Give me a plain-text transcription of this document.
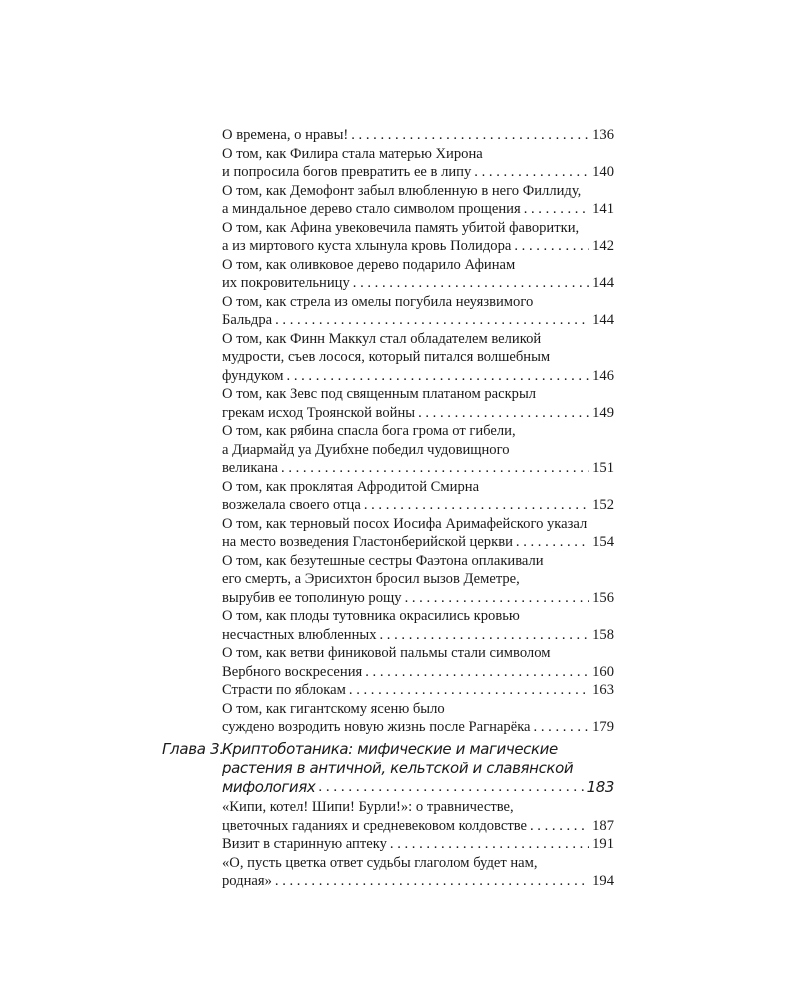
О времена, о нравы! . . .	136
О том, как Филира стала матерью Хирона
и попросила богов превратить ее в липу . . .	140
О том, как Демофонт забыл влюбленную в него Филлиду,
а миндальное дерево стало символом прощения . . .	141
О том, как Афина увековечила память убитой фаворитки,
а из миртового куста хлынула кровь Полидора . . .	142
О том, как оливковое дерево подарило Афинам
их покровительницу . . .	144
О том, как стрела из омелы погубила неуязвимого
Бальдра . . .	144
О том, как Финн Маккул стал обладателем великой
мудрости, съев лосося, который питался волшебным
фундуком . . .	146
О том, как Зевс под священным платаном раскрыл
грекам исход Троянской войны . . .	149
О том, как рябина спасла бога грома от гибели,
а Диармайд уа Дуибхне победил чудовищного
великана . . .	151
О том, как проклятая Афродитой Смирна
возжелала своего отца . . .	152
О том, как терновый посох Иосифа Аримафейского указал
на место возведения Гластонберийской церкви . . .	154
О том, как безутешные сестры Фаэтона оплакивали
его смерть, а Эрисихтон бросил вызов Деметре,
вырубив ее тополиную рощу . . .	156
О том, как плоды тутовника окрасились кровью
несчастных влюбленных . . .	158
О том, как ветви финиковой пальмы стали символом
Вербного воскресения . . .	160
Страсти по яблокам . . .	163
О том, как гигантскому ясеню было
суждено возродить новую жизнь после Рагнарёка . . .	179
Глава 3.
Криптоботаника: мифические и магические
растения в античной, кельтской и славянской
мифологиях . . .	183
«Кипи, котел! Шипи! Бурли!»: о травничестве,
цветочных гаданиях и средневековом колдовстве . . .	187
Визит в старинную аптеку . . .	191
«О, пусть цветка ответ судьбы глаголом будет нам,
родная» . . .	194
